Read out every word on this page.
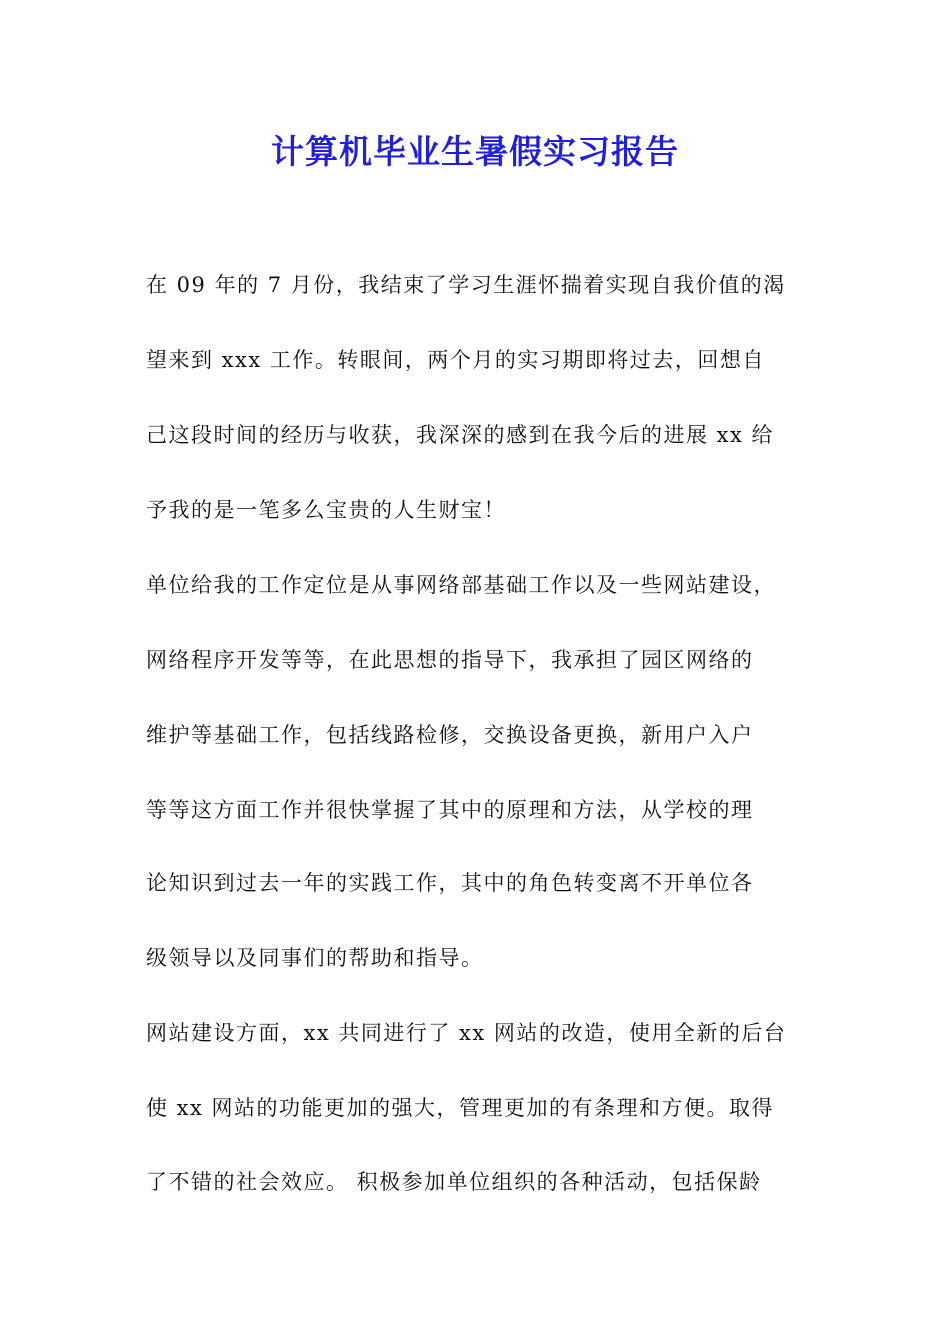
计算机毕业生暑假实习报告
在 09 年的 7 月份，我结束了学习生涯怀揣着实现自我价值的渴
望来到 xxx 工作。转眼间，两个月的实习期即将过去，回想自
己这段时间的经历与收获，我深深的感到在我今后的进展 xx 给
予我的是一笔多么宝贵的人生财宝！
单位给我的工作定位是从事网络部基础工作以及一些网站建设，
网络程序开发等等，在此思想的指导下，我承担了园区网络的
维护等基础工作，包括线路检修，交换设备更换，新用户入户
等等这方面工作并很快掌握了其中的原理和方法，从学校的理
论知识到过去一年的实践工作，其中的角色转变离不开单位各
级领导以及同事们的帮助和指导。
网站建设方面，xx 共同进行了 xx 网站的改造，使用全新的后台
使 xx 网站的功能更加的强大，管理更加的有条理和方便。取得
了不错的社会效应。 积极参加单位组织的各种活动，包括保龄
